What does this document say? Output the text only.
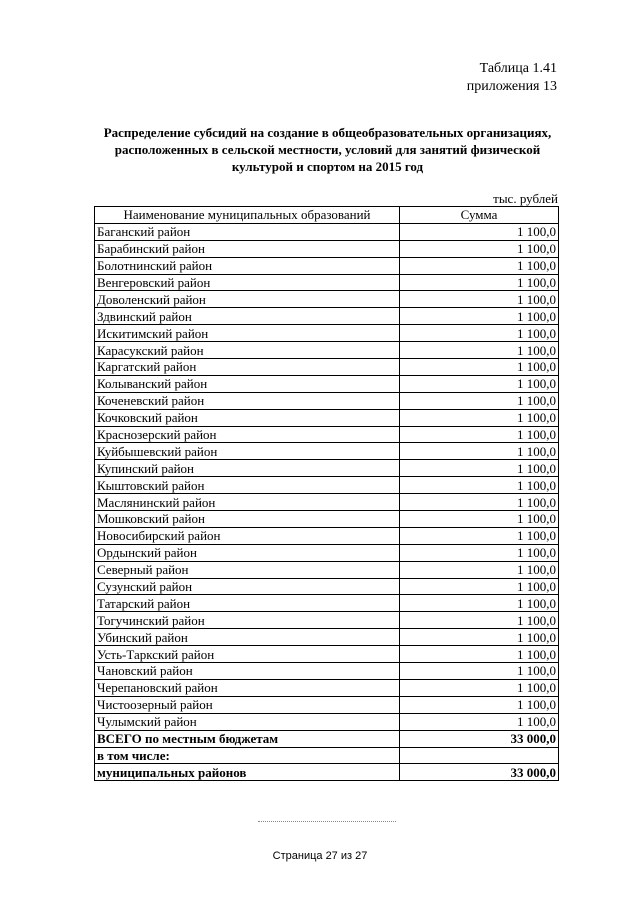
Таблица 1.41
приложения 13
Распределение субсидий на создание в общеобразовательных организациях,
расположенных в сельской местности, условий для занятий физической
культурой и спортом на 2015 год
тыс. рублей
Наименование муниципальных образований	Сумма
Баганский район	1 100,0
Барабинский район	1 100,0
Болотнинский район	1 100,0
Венгеровский район	1 100,0
Доволенский район	1 100,0
Здвинский район	1 100,0
Искитимский район	1 100,0
Карасукский район	1 100,0
Каргатский район	1 100,0
Колыванский район	1 100,0
Коченевский район	1 100,0
Кочковский район	1 100,0
Краснозерский район	1 100,0
Куйбышевский район	1 100,0
Купинский район	1 100,0
Кыштовский район	1 100,0
Маслянинский район	1 100,0
Мошковский район	1 100,0
Новосибирский район	1 100,0
Ордынский район	1 100,0
Северный район	1 100,0
Сузунский район	1 100,0
Татарский район	1 100,0
Тогучинский район	1 100,0
Убинский район	1 100,0
Усть-Таркский район	1 100,0
Чановский район	1 100,0
Черепановский район	1 100,0
Чистоозерный район	1 100,0
Чулымский район	1 100,0
ВСЕГО по местным бюджетам	33 000,0
в том числе:	
муниципальных районов	33 000,0
Страница 27 из 27
